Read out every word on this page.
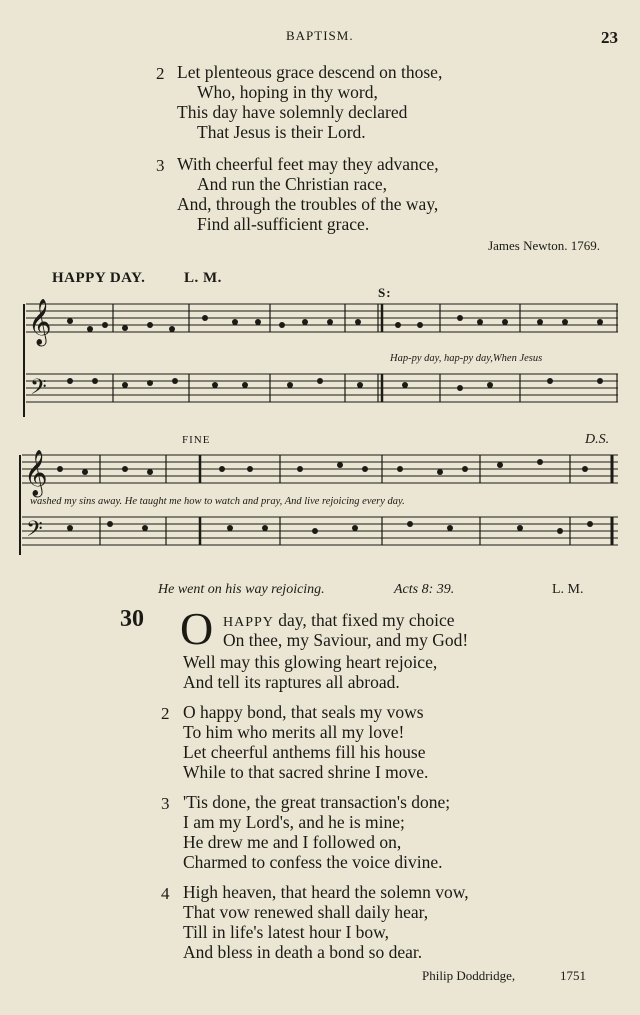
BAPTISM.	23
2 Let plenteous grace descend on those,
Who, hoping in thy word,
This day have solemnly declared
That Jesus is their Lord.
3 With cheerful feet may they advance,
And run the Christian race,
And, through the troubles of the way,
Find all-sufficient grace.
James Newton. 1769.
HAPPY DAY.	L. M.
𝄞
𝄢
𝄞
𝄢
S:
Hap-py day, hap-py day,When Jesus
FINE	D.S.
washed my sins away. He taught me how to watch and pray, And live rejoicing every day.
He went on his way rejoicing.	Acts 8: 39.	L. M.
30 O HAPPY day, that fixed my choice
On thee, my Saviour, and my God!
Well may this glowing heart rejoice,
And tell its raptures all abroad.
2 O happy bond, that seals my vows
To him who merits all my love!
Let cheerful anthems fill his house
While to that sacred shrine I move.
3 'Tis done, the great transaction's done;
I am my Lord's, and he is mine;
He drew me and I followed on,
Charmed to confess the voice divine.
4 High heaven, that heard the solemn vow,
That vow renewed shall daily hear,
Till in life's latest hour I bow,
And bless in death a bond so dear.
Philip Doddridge,	1751
